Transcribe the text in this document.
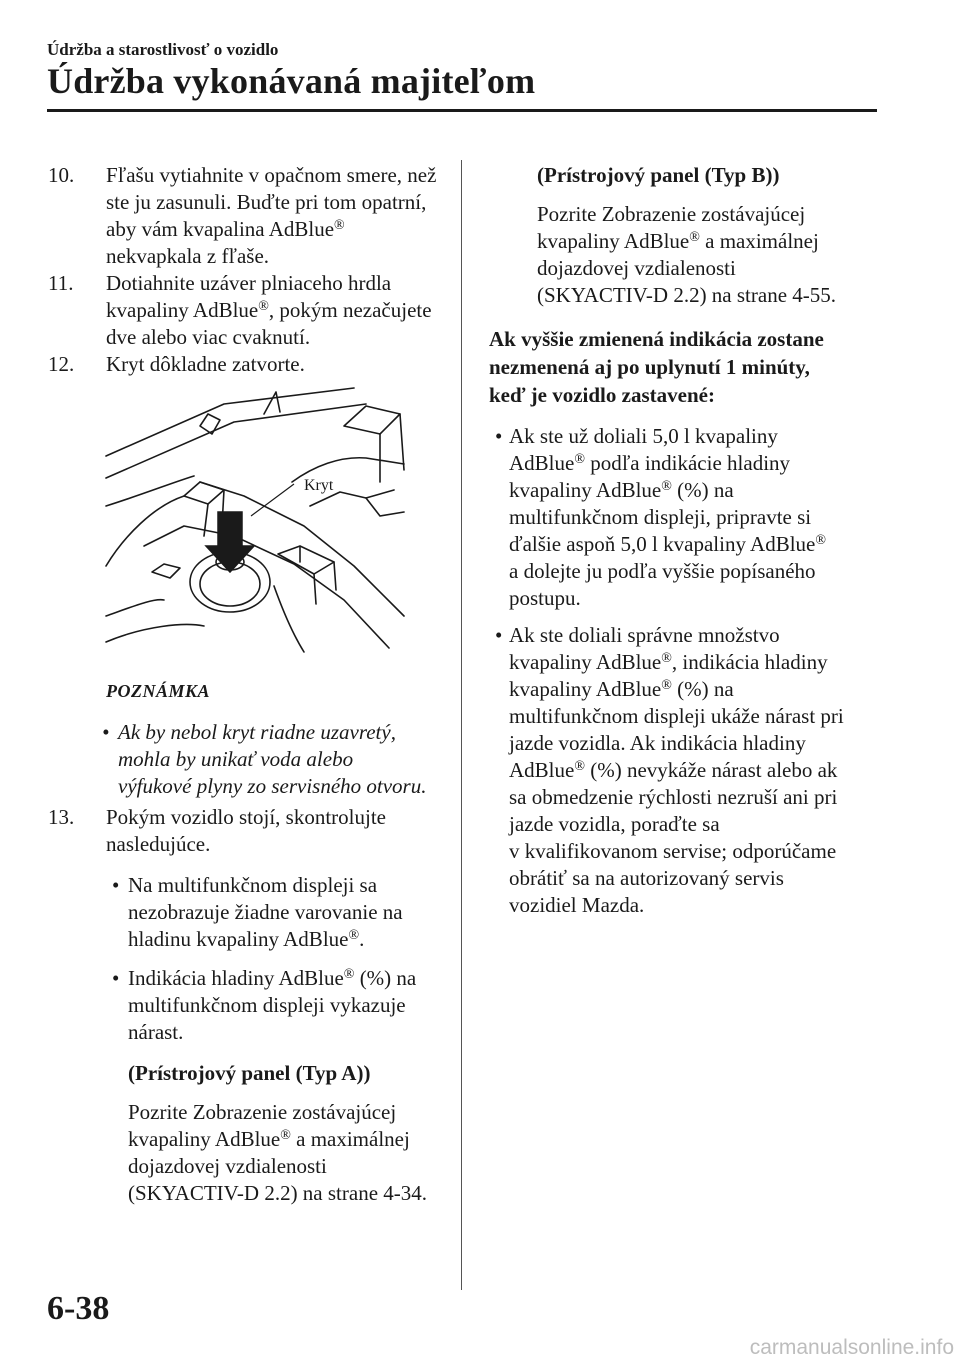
Údržba a starostlivosť o vozidlo
Údržba vykonávaná majiteľom
10.	Fľašu vytiahnite v opačnom smere, než
ste ju zasunuli. Buďte pri tom opatrní,
aby vám kvapalina AdBlue®
nekvapkala z fľaše.

11.	Dotiahnite uzáver plniaceho hrdla
kvapaliny AdBlue®, pokým nezačujete
dve alebo viac cvaknutí.

12.	Kryt dôkladne zatvorte.

Kryt
POZNÁMKA
• Ak by nebol kryt riadne uzavretý,
mohla by unikať voda alebo
výfukové plyny zo servisného otvoru.
13.	Pokým vozidlo stojí, skontrolujte
nasledujúce.

• Na multifunkčnom displeji sa
nezobrazuje žiadne varovanie na
hladinu kvapaliny AdBlue®.
• Indikácia hladiny AdBlue® (%) na
multifunkčnom displeji vykazuje
nárast.
(Prístrojový panel (Typ A))
Pozrite Zobrazenie zostávajúcej
kvapaliny AdBlue® a maximálnej
dojazdovej vzdialenosti
(SKYACTIV-D 2.2) na strane 4-34.
(Prístrojový panel (Typ B))
Pozrite Zobrazenie zostávajúcej
kvapaliny AdBlue® a maximálnej
dojazdovej vzdialenosti
(SKYACTIV-D 2.2) na strane 4-55.
Ak vyššie zmienená indikácia zostane
nezmenená aj po uplynutí 1 minúty,
keď je vozidlo zastavené:
• Ak ste už doliali 5,0 l kvapaliny
AdBlue® podľa indikácie hladiny
kvapaliny AdBlue® (%) na
multifunkčnom displeji, pripravte si
ďalšie aspoň 5,0 l kvapaliny AdBlue®
a dolejte ju podľa vyššie popísaného
postupu.
• Ak ste doliali správne množstvo
kvapaliny AdBlue®, indikácia hladiny
kvapaliny AdBlue® (%) na
multifunkčnom displeji ukáže nárast pri
jazde vozidla. Ak indikácia hladiny
AdBlue® (%) nevykáže nárast alebo ak
sa obmedzenie rýchlosti nezruší ani pri
jazde vozidla, poraďte sa
v kvalifikovanom servise; odporúčame
obrátiť sa na autorizovaný servis
vozidiel Mazda.
6-38
carmanualsonline.info
